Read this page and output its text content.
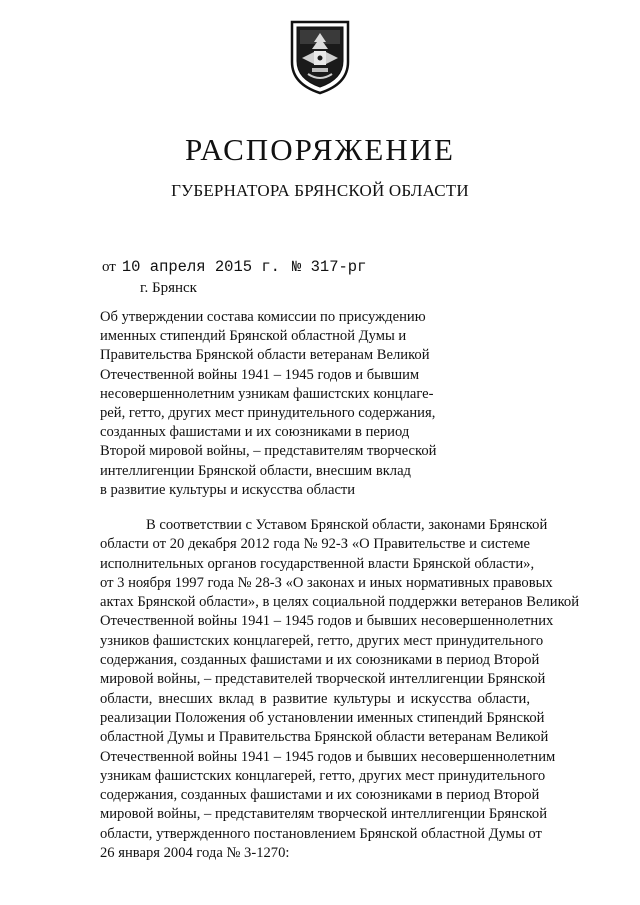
РАСПОРЯЖЕНИЕ
ГУБЕРНАТОРА БРЯНСКОЙ ОБЛАСТИ
от 10 апреля 2015 г. № 317-рг
г. Брянск

Об утверждении состава комиссии по присуждению
именных стипендий Брянской областной Думы и
Правительства Брянской области ветеранам Великой
Отечественной войны 1941 – 1945 годов и бывшим
несовершеннолетним узникам фашистских концлаге-
рей, гетто, других мест принудительного содержания,
созданных фашистами и их союзниками в период
Второй мировой войны, – представителям творческой
интеллигенции Брянской области, внесшим вклад
в развитие культуры и искусства области

В соответствии с Уставом Брянской области, законами Брянской
области от 20 декабря 2012 года № 92-З «О Правительстве и системе
исполнительных органов государственной власти Брянской области»,
от 3 ноября 1997 года № 28-З «О законах и иных нормативных правовых
актах Брянской области», в целях социальной поддержки ветеранов Великой
Отечественной войны 1941 – 1945 годов и бывших несовершеннолетних
узников фашистских концлагерей, гетто, других мест принудительного
содержания, созданных фашистами и их союзниками в период Второй
мировой войны, – представителей творческой интеллигенции Брянской
области, внесших вклад в развитие культуры и искусства области,
реализации Положения об установлении именных стипендий Брянской
областной Думы и Правительства Брянской области ветеранам Великой
Отечественной войны 1941 – 1945 годов и бывших несовершеннолетним
узникам фашистских концлагерей, гетто, других мест принудительного
содержания, созданных фашистами и их союзниками в период Второй
мировой войны, – представителям творческой интеллигенции Брянской
области, утвержденного постановлением Брянской областной Думы от
26 января 2004 года № 3-1270:
